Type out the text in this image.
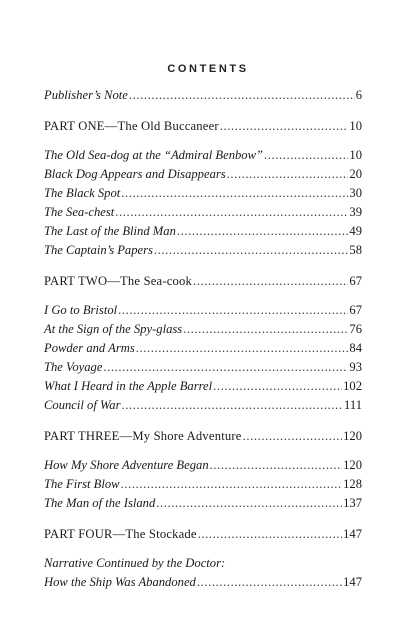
CONTENTS
Publisher’s Note .....	6
PART ONE—The Old Buccaneer .....	10
The Old Sea-dog at the “Admiral Benbow” .....	10
Black Dog Appears and Disappears .....	20
The Black Spot .....	30
The Sea-chest .....	39
The Last of the Blind Man .....	49
The Captain’s Papers .....	58
PART TWO—The Sea-cook .....	67
I Go to Bristol .....	67
At the Sign of the Spy-glass .....	76
Powder and Arms .....	84
The Voyage .....	93
What I Heard in the Apple Barrel .....	102
Council of War .....	111
PART THREE—My Shore Adventure .....	120
How My Shore Adventure Began .....	120
The First Blow .....	128
The Man of the Island .....	137
PART FOUR—The Stockade .....	147
Narrative Continued by the Doctor:
How the Ship Was Abandoned .....	147
